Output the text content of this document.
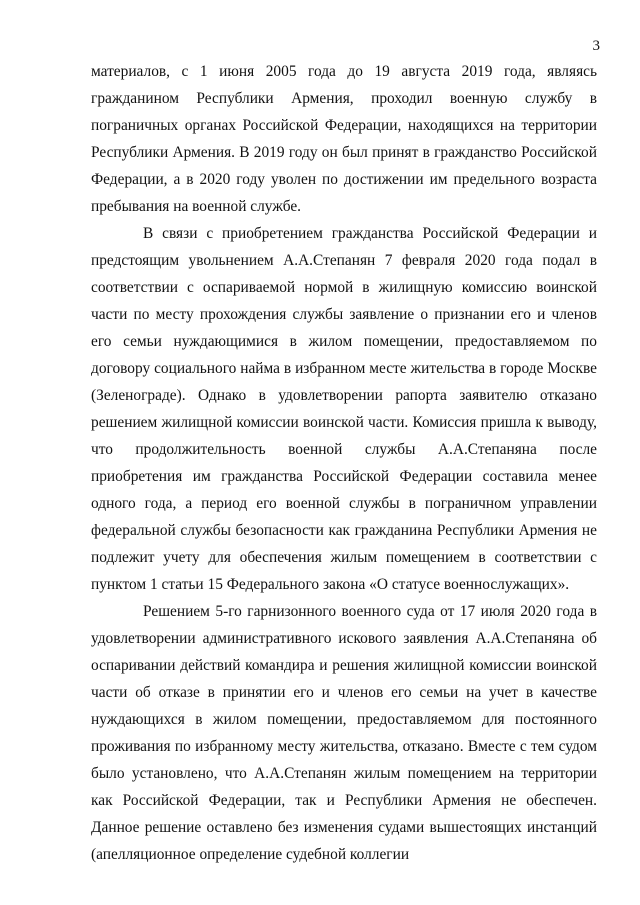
3

материалов, с 1 июня 2005 года до 19 августа 2019 года, являясь гражданином Республики Армения, проходил военную службу в пограничных органах Российской Федерации, находящихся на территории Республики Армения. В 2019 году он был принят в гражданство Российской Федерации, а в 2020 году уволен по достижении им предельного возраста пребывания на военной службе.

В связи с приобретением гражданства Российской Федерации и предстоящим увольнением А.А.Степанян 7 февраля 2020 года подал в соответствии с оспариваемой нормой в жилищную комиссию воинской части по месту прохождения службы заявление о признании его и членов его семьи нуждающимися в жилом помещении, предоставляемом по договору социального найма в избранном месте жительства в городе Москве (Зеленограде). Однако в удовлетворении рапорта заявителю отказано решением жилищной комиссии воинской части. Комиссия пришла к выводу, что продолжительность военной службы А.А.Степаняна после приобретения им гражданства Российской Федерации составила менее одного года, а период его военной службы в пограничном управлении федеральной службы безопасности как гражданина Республики Армения не подлежит учету для обеспечения жилым помещением в соответствии с пунктом 1 статьи 15 Федерального закона «О статусе военнослужащих».

Решением 5-го гарнизонного военного суда от 17 июля 2020 года в удовлетворении административного искового заявления А.А.Степаняна об оспаривании действий командира и решения жилищной комиссии воинской части об отказе в принятии его и членов его семьи на учет в качестве нуждающихся в жилом помещении, предоставляемом для постоянного проживания по избранному месту жительства, отказано. Вместе с тем судом было установлено, что А.А.Степанян жилым помещением на территории как Российской Федерации, так и Республики Армения не обеспечен. Данное решение оставлено без изменения судами вышестоящих инстанций (апелляционное определение судебной коллегии
